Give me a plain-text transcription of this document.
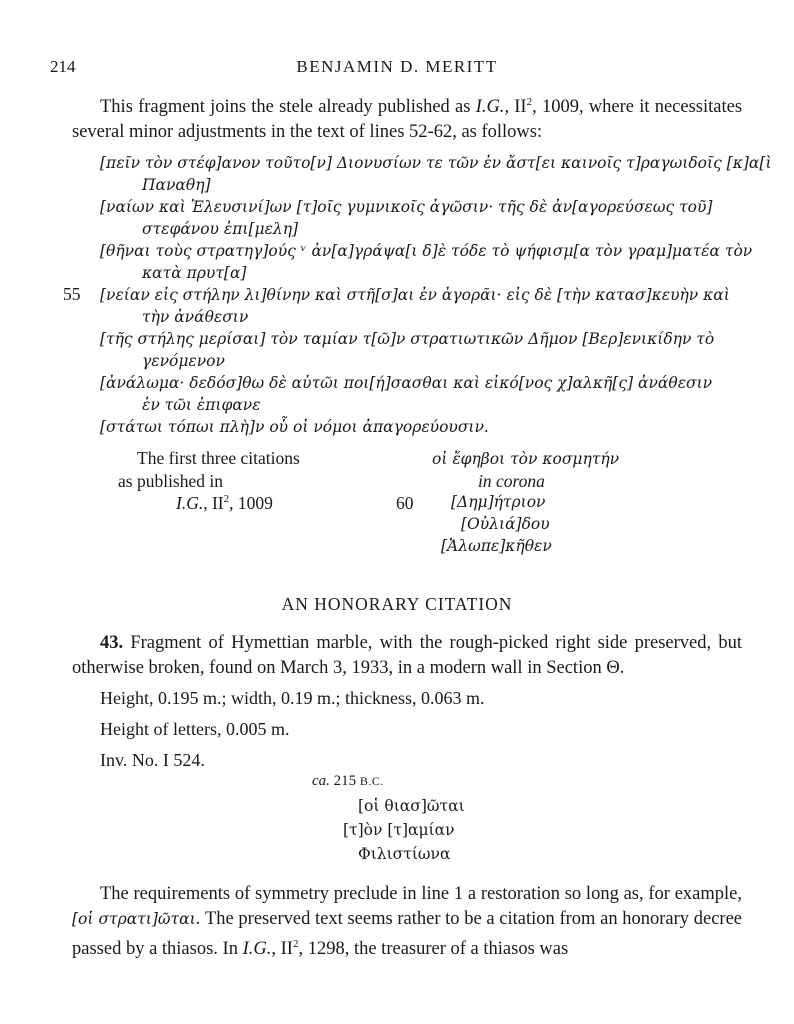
214	BENJAMIN D. MERITT
This fragment joins the stele already published as I.G., $II^2$, 1009, where it necessitates several minor adjustments in the text of lines 52-62, as follows:
[πεῖν τὸν στέφ]ανον τοῦτο[ν] Διονυσίων τε τῶν ἐν ἄστ[ει καινοῖς τ]ραγωιδοῖς [κ]α[ὶ
Παναθη]
[ναίων καὶ Ἐλευσινί]ων [τ]οῖς γυμνικοῖς ἀγῶσιν· τῆς δὲ ἀν[αγορεύσεως τοῦ]
στεφάνου ἐπι[μελη]
[θῆναι τοὺς στρατηγ]ούς ᵛ ἀν[α]γράψα[ι δ]ὲ τόδε τὸ ψήφισμ[α τὸν γραμ]ματέα τὸν
κατὰ πρυτ[α]
55 [νείαν εἰς στήλην λι]θίνην καὶ στῆ[σ]αι ἐν ἀγορᾶι· εἰς δὲ [τὴν κατασ]κευὴν καὶ
τὴν ἀνάθεσιν
[τῆς στήλης μερίσαι] τὸν ταμίαν τ[ῶ]ν στρατιωτικῶν Δῆμον [Βερ]ενικίδην τὸ
γενόμενον
[ἀνάλωμα· δεδόσ]θω δὲ αὐτῶι ποι[ή]σασθαι καὶ εἰκό[νος χ]αλκῆ[ς] ἀνάθεσιν
ἐν τῶι ἐπιφανε
[στάτωι τόπωι πλὴ]ν οὗ οἱ νόμοι ἀπαγορεύουσιν.
The first three citations
as published in
I.G., $II^2$, 1009	60
οἱ ἔφηβοι τὸν κοσμητήν
in corona
[Δημ]ήτριον
[Οὐλιά]δου
[Ἀλωπε]κῆθεν
AN HONORARY CITATION
43. Fragment of Hymettian marble, with the rough-picked right side preserved, but otherwise broken, found on March 3, 1933, in a modern wall in Section Θ.
Height, 0.195 m.; width, 0.19 m.; thickness, 0.063 m.
Height of letters, 0.005 m.
Inv. No. I 524.
ca. 215 B.C.
[οἱ θιασ]ῶται
[τ]ὸν [τ]αμίαν
Φιλιστίωνα
The requirements of symmetry preclude in line 1 a restoration so long as, for example, [οἱ στρατι]ῶται. The preserved text seems rather to be a citation from an honorary decree passed by a thiasos. In I.G., $II^2$, 1298, the treasurer of a thiasos was
